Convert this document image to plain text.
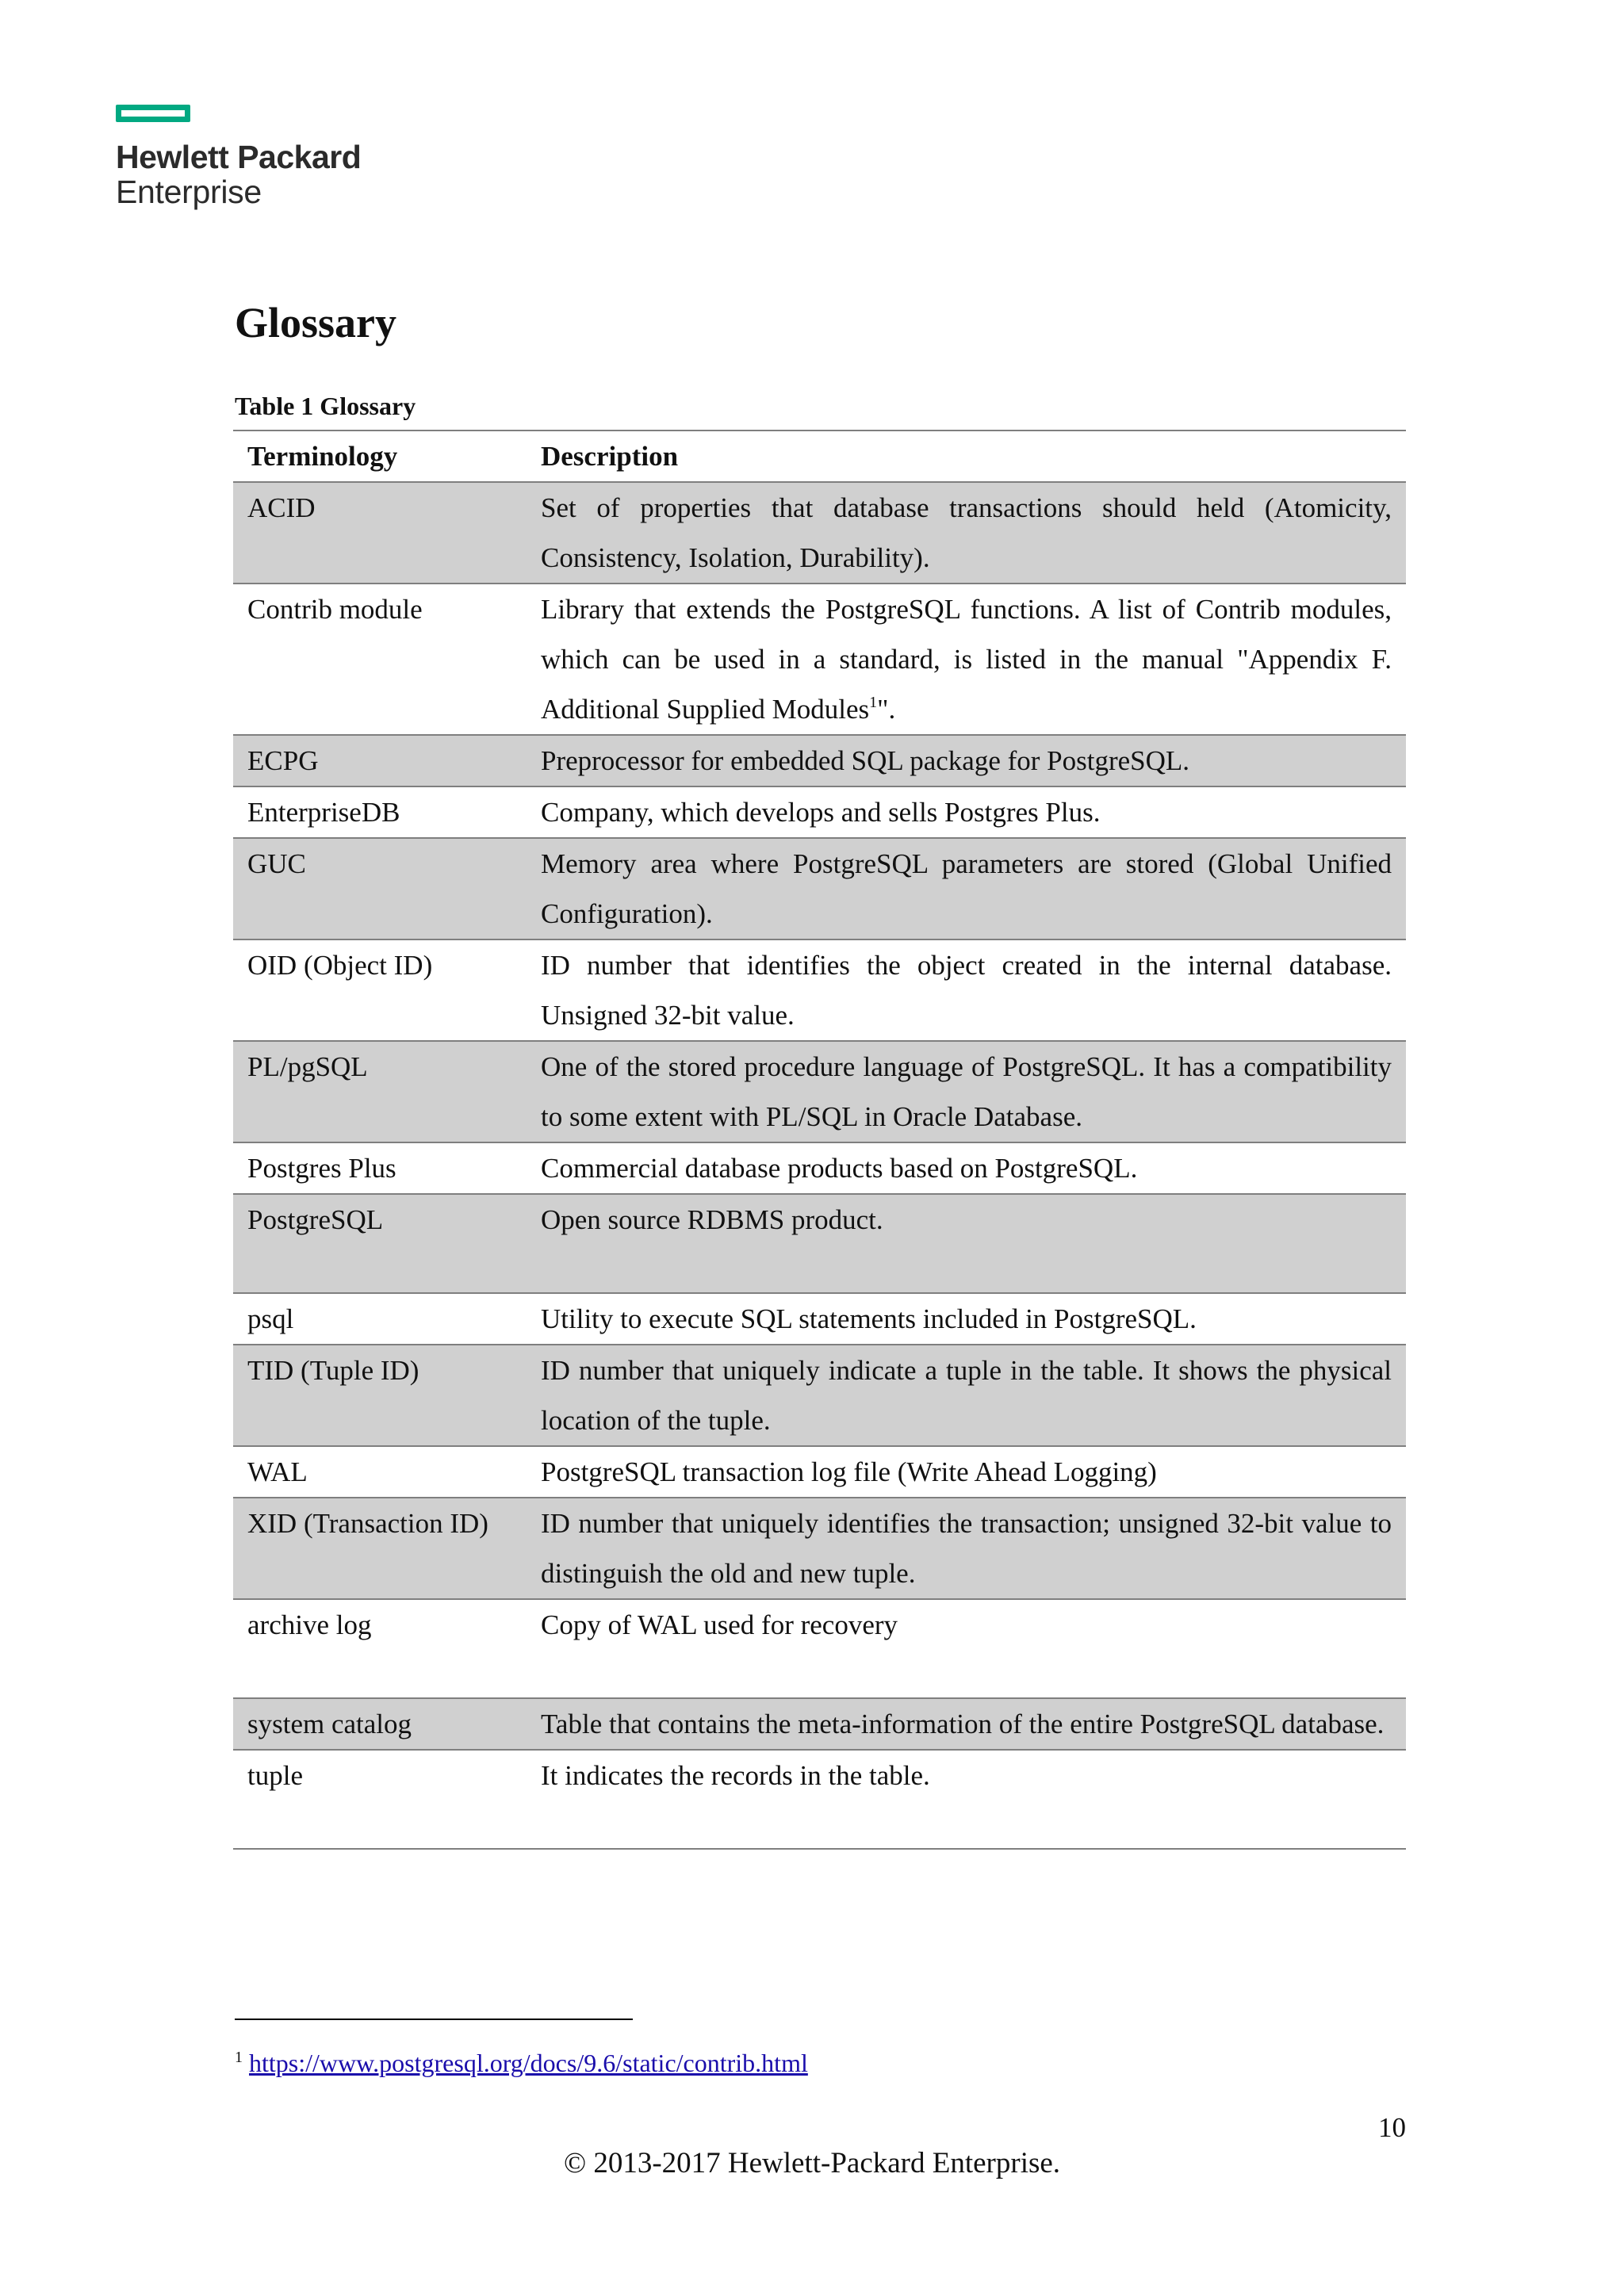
Hewlett Packard
Enterprise
Glossary
Table 1 Glossary
Terminology	Description
ACID	Set of properties that database transactions should held (Atomicity, Consistency, Isolation, Durability).
Contrib module	Library that extends the PostgreSQL functions. A list of Contrib modules, which can be used in a standard, is listed in the manual "Appendix F. Additional Supplied Modules$^1$".
ECPG	Preprocessor for embedded SQL package for PostgreSQL.
EnterpriseDB	Company, which develops and sells Postgres Plus.
GUC	Memory area where PostgreSQL parameters are stored (Global Unified Configuration).
OID (Object ID)	ID number that identifies the object created in the internal database. Unsigned 32-bit value.
PL/pgSQL	One of the stored procedure language of PostgreSQL. It has a compatibility to some extent with PL/SQL in Oracle Database.
Postgres Plus	Commercial database products based on PostgreSQL.
PostgreSQL	Open source RDBMS product.

psql	Utility to execute SQL statements included in PostgreSQL.
TID (Tuple ID)	ID number that uniquely indicate a tuple in the table. It shows the physical location of the tuple.
WAL	PostgreSQL transaction log file (Write Ahead Logging)
XID (Transaction ID)	ID number that uniquely identifies the transaction; unsigned 32-bit value to distinguish the old and new tuple.
archive log	Copy of WAL used for recovery

system catalog	Table that contains the meta-information of the entire PostgreSQL database.
tuple	It indicates the records in the table.

$^1$ https://www.postgresql.org/docs/9.6/static/contrib.html
10
© 2013-2017 Hewlett-Packard Enterprise.
